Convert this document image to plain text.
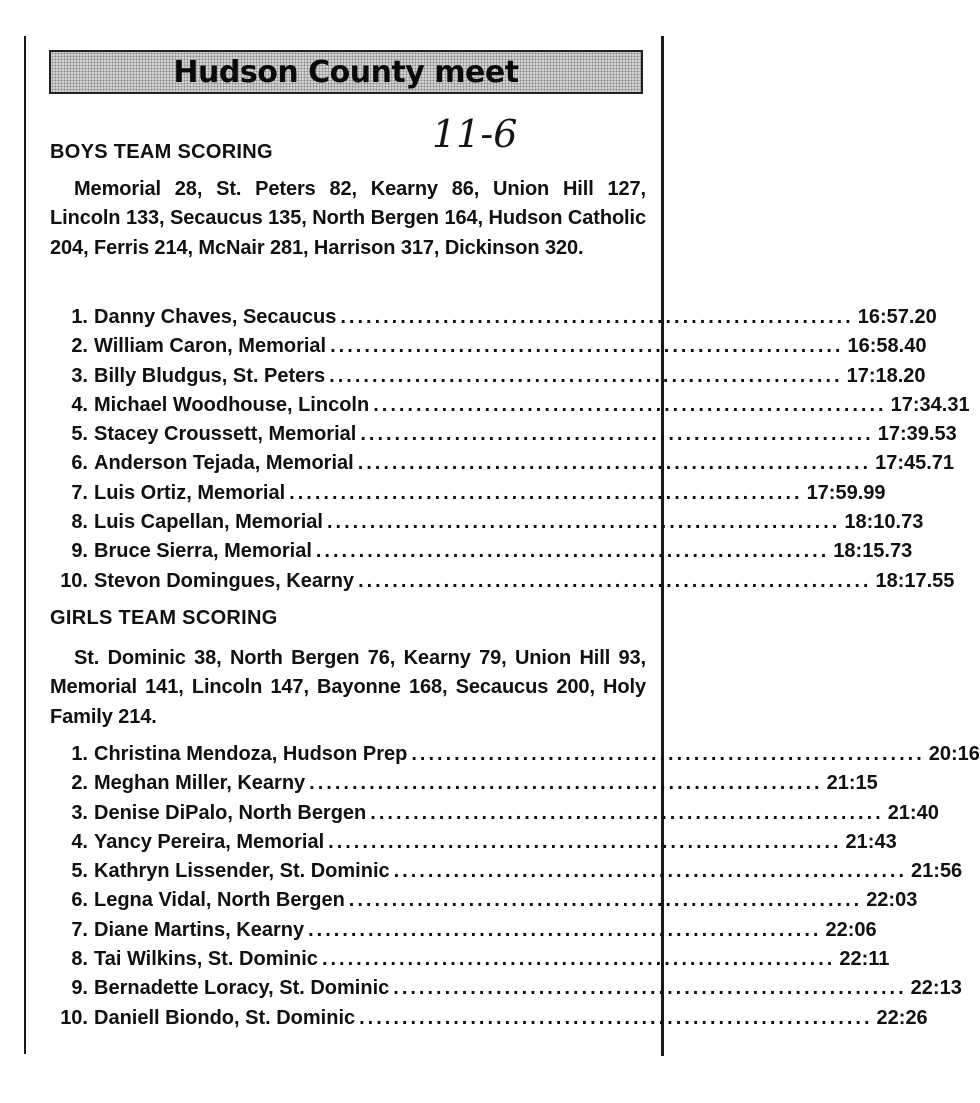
Hudson County meet
11-6
BOYS TEAM SCORING

Memorial 28, St. Peters 82, Kearny 86, Union Hill 127, Lincoln 133, Secaucus 135, North Bergen 164, Hudson Catholic 204, Ferris 214, McNair 281, Harrison 317, Dickinson 320.

1. Danny Chaves, Secaucus ............................................................ 16:57.20
2. William Caron, Memorial ............................................................ 16:58.40
3. Billy Bludgus, St. Peters ............................................................ 17:18.20
4. Michael Woodhouse, Lincoln ............................................................ 17:34.31
5. Stacey Croussett, Memorial ............................................................ 17:39.53
6. Anderson Tejada, Memorial ............................................................ 17:45.71
7. Luis Ortiz, Memorial ............................................................ 17:59.99
8. Luis Capellan, Memorial ............................................................ 18:10.73
9. Bruce Sierra, Memorial ............................................................ 18:15.73
10. Stevon Domingues, Kearny ............................................................ 18:17.55
GIRLS TEAM SCORING

St. Dominic 38, North Bergen 76, Kearny 79, Union Hill 93, Memorial 141, Lincoln 147, Bayonne 168, Secaucus 200, Holy Family 214.

1. Christina Mendoza, Hudson Prep ............................................................ 20:16
2. Meghan Miller, Kearny ............................................................ 21:15
3. Denise DiPalo, North Bergen ............................................................ 21:40
4. Yancy Pereira, Memorial ............................................................ 21:43
5. Kathryn Lissender, St. Dominic ............................................................ 21:56
6. Legna Vidal, North Bergen ............................................................ 22:03
7. Diane Martins, Kearny ............................................................ 22:06
8. Tai Wilkins, St. Dominic ............................................................ 22:11
9. Bernadette Loracy, St. Dominic ............................................................ 22:13
10. Daniell Biondo, St. Dominic ............................................................ 22:26
